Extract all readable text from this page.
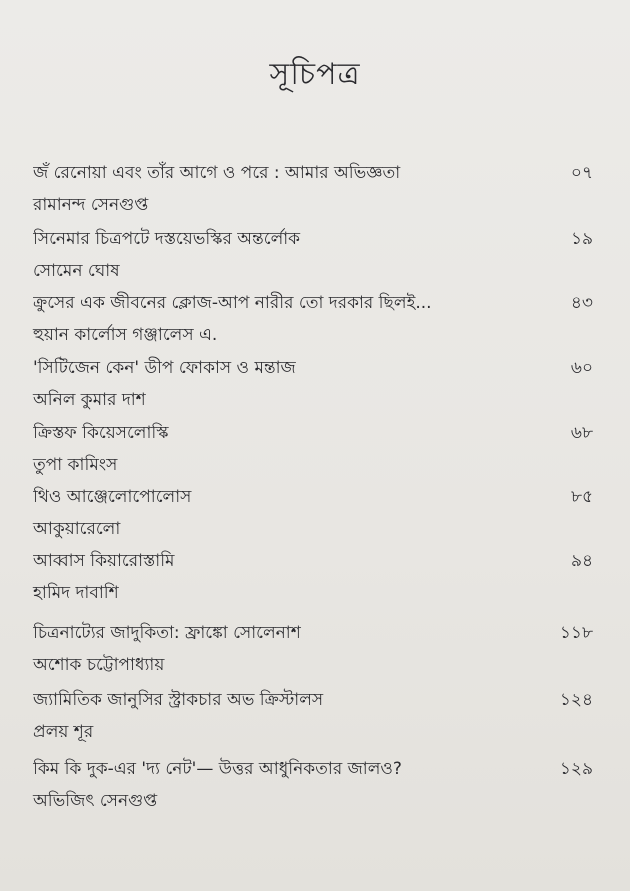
সূচিপত্র
জঁ রেনোয়া এবং তাঁর আগে ও পরে : আমার অভিজ্ঞতা
রামানন্দ সেনগুপ্ত
০৭
সিনেমার চিত্রপটে দস্তয়েভস্কির অন্তর্লোক
সোমেন ঘোষ
১৯
ক্রুসের এক জীবনের ক্লোজ-আপ নারীর তো দরকার ছিলই...
হুয়ান কার্লোস গঞ্জালেস এ.
৪৩
'সিটিজেন কেন' ডীপ ফোকাস ও মন্তাজ
অনিল কুমার দাশ
৬০
ক্রিস্তফ কিয়েসলোস্কি
তুপা কামিংস
৬৮
থিও আঞ্জেলোপোলোস
আকুয়ারেলো
৮৫
আব্বাস কিয়ারোস্তামি
হামিদ দাবাশি
৯৪
চিত্রনাট্যের জাদুকিতা: ফ্রাঙ্কো সোলেনাশ
অশোক চট্টোপাধ্যায়
১১৮
জ্যামিতিক জানুসির স্ট্রাকচার অভ ক্রিস্টালস
প্রলয় শূর
১২৪
কিম কি দুক-এর 'দ্য নেট'— উত্তর আধুনিকতার জালও?
অভিজিৎ সেনগুপ্ত
১২৯
